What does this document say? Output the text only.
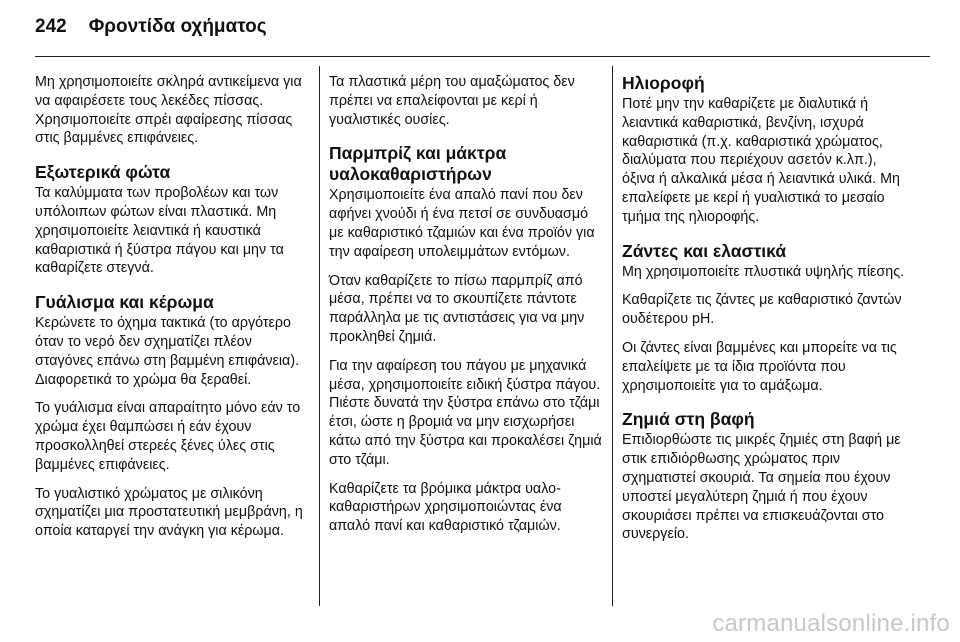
242 Φροντίδα οχήματος

Μη χρησιμοποιείτε σκληρά αντικείμενα για να αφαιρέσετε τους λεκέδες πίσσας. Χρησιμοποιείτε σπρέι αφαίρεσης πίσσας στις βαμμένες επιφάνειες.

Εξωτερικά φώτα

Τα καλύμματα των προβολέων και των υπόλοιπων φώτων είναι πλαστικά. Μη χρησιμοποιείτε λειαντικά ή καυστικά καθαριστικά ή ξύστρα πάγου και μην τα καθαρίζετε στεγνά.

Γυάλισμα και κέρωμα

Κερώνετε το όχημα τακτικά (το αργότερο όταν το νερό δεν σχηματίζει πλέον σταγόνες επάνω στη βαμμένη επιφάνεια). Διαφορετικά το χρώμα θα ξεραθεί.

Το γυάλισμα είναι απαραίτητο μόνο εάν το χρώμα έχει θαμπώσει ή εάν έχουν προσκολληθεί στερεές ξένες ύλες στις βαμμένες επιφάνειες.

Το γυαλιστικό χρώματος με σιλικόνη σχηματίζει μια προστατευτική μεμβράνη, η οποία καταργεί την ανάγκη για κέρωμα.

Τα πλαστικά μέρη του αμαξώματος δεν πρέπει να επαλείφονται με κερί ή γυαλιστικές ουσίες.

Παρμπρίζ και μάκτρα υαλοκαθαριστήρων

Χρησιμοποιείτε ένα απαλό πανί που δεν αφήνει χνούδι ή ένα πετσί σε συνδυασμό με καθαριστικό τζαμιών και ένα προϊόν για την αφαίρεση υπολειμμάτων εντόμων.

Όταν καθαρίζετε το πίσω παρμπρίζ από μέσα, πρέπει να το σκουπίζετε πάντοτε παράλληλα με τις αντιστάσεις για να μην προκληθεί ζημιά.

Για την αφαίρεση του πάγου με μηχανικά μέσα, χρησιμοποιείτε ειδική ξύστρα πάγου. Πιέστε δυνατά την ξύστρα επάνω στο τζάμι έτσι, ώστε η βρομιά να μην εισχωρήσει κάτω από την ξύστρα και προκαλέσει ζημιά στο τζάμι.

Καθαρίζετε τα βρόμικα μάκτρα υαλοκαθαριστήρων χρησιμοποιώντας ένα απαλό πανί και καθαριστικό τζαμιών.

Ηλιοροφή

Ποτέ μην την καθαρίζετε με διαλυτικά ή λειαντικά καθαριστικά, βενζίνη, ισχυρά καθαριστικά (π.χ. καθαριστικά χρώματος, διαλύματα που περιέχουν ασετόν κ.λπ.), όξινα ή αλκαλικά μέσα ή λειαντικά υλικά. Μη επαλείφετε με κερί ή γυαλιστικά το μεσαίο τμήμα της ηλιοροφής.

Ζάντες και ελαστικά

Μη χρησιμοποιείτε πλυστικά υψηλής πίεσης.

Καθαρίζετε τις ζάντες με καθαριστικό ζαντών ουδέτερου pH.

Οι ζάντες είναι βαμμένες και μπορείτε να τις επαλείψετε με τα ίδια προϊόντα που χρησιμοποιείτε για το αμάξωμα.

Ζημιά στη βαφή

Επιδιορθώστε τις μικρές ζημιές στη βαφή με στικ επιδιόρθωσης χρώματος πριν σχηματιστεί σκουριά. Τα σημεία που έχουν υποστεί μεγαλύτερη ζημιά ή που έχουν σκουριάσει πρέπει να επισκευάζονται στο συνεργείο.

carmanualsonline.info
